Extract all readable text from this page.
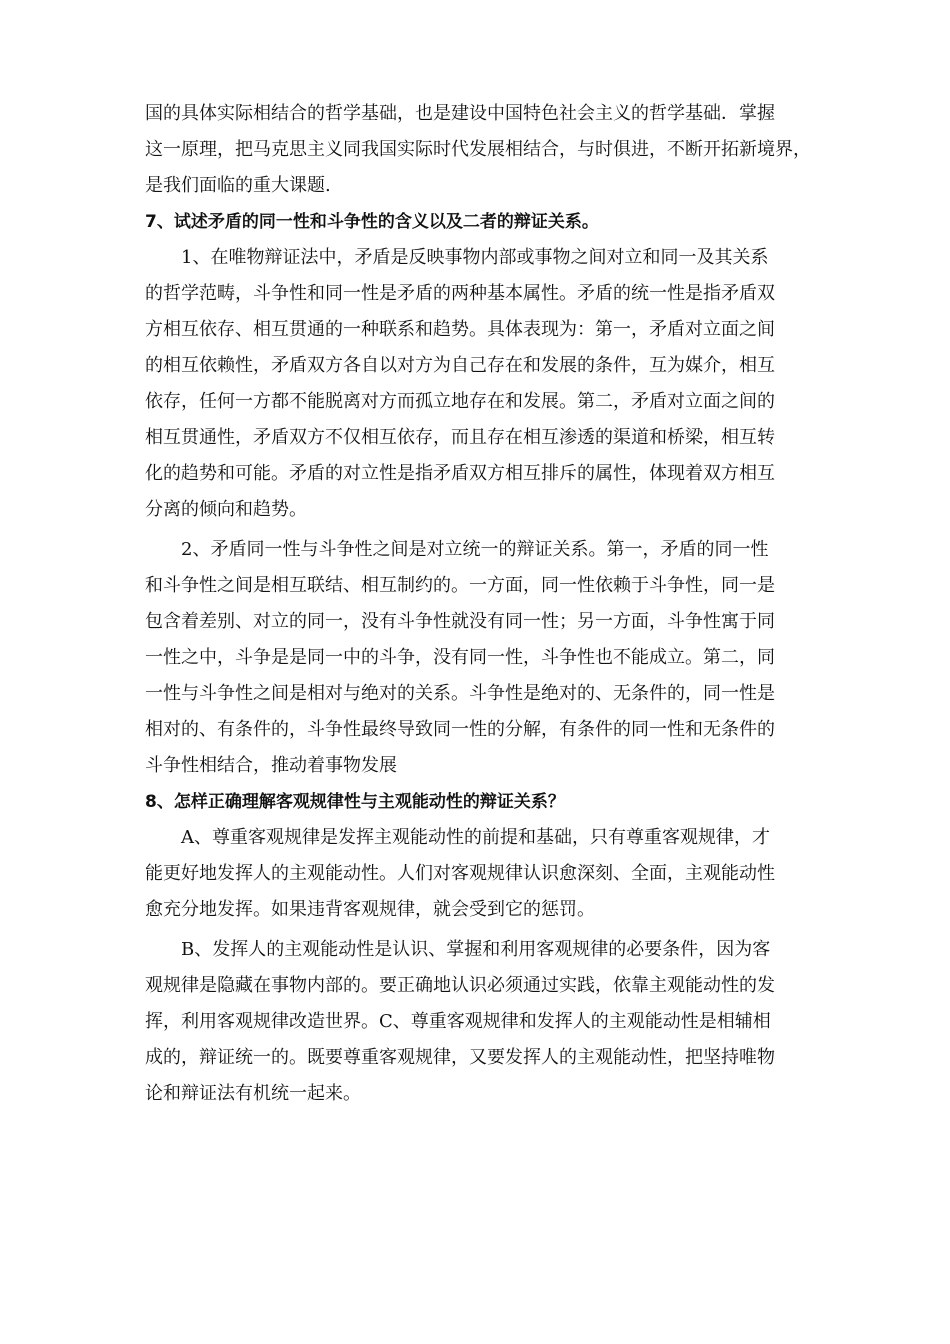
国的具体实际相结合的哲学基础，也是建设中国特色社会主义的哲学基础．掌握
这一原理，把马克思主义同我国实际时代发展相结合，与时俱进，不断开拓新境界，
是我们面临的重大课题.
7、试述矛盾的同一性和斗争性的含义以及二者的辩证关系。
1、在唯物辩证法中，矛盾是反映事物内部或事物之间对立和同一及其关系
的哲学范畴，斗争性和同一性是矛盾的两种基本属性。矛盾的统一性是指矛盾双
方相互依存、相互贯通的一种联系和趋势。具体表现为：第一，矛盾对立面之间
的相互依赖性，矛盾双方各自以对方为自己存在和发展的条件，互为媒介，相互
依存，任何一方都不能脱离对方而孤立地存在和发展。第二，矛盾对立面之间的
相互贯通性，矛盾双方不仅相互依存，而且存在相互渗透的渠道和桥梁，相互转
化的趋势和可能。矛盾的对立性是指矛盾双方相互排斥的属性，体现着双方相互
分离的倾向和趋势。
2、矛盾同一性与斗争性之间是对立统一的辩证关系。第一，矛盾的同一性
和斗争性之间是相互联结、相互制约的。一方面，同一性依赖于斗争性，同一是
包含着差别、对立的同一，没有斗争性就没有同一性；另一方面，斗争性寓于同
一性之中，斗争是是同一中的斗争，没有同一性，斗争性也不能成立。第二，同
一性与斗争性之间是相对与绝对的关系。斗争性是绝对的、无条件的，同一性是
相对的、有条件的，斗争性最终导致同一性的分解，有条件的同一性和无条件的
斗争性相结合，推动着事物发展
8、怎样正确理解客观规律性与主观能动性的辩证关系？
A、尊重客观规律是发挥主观能动性的前提和基础，只有尊重客观规律，才
能更好地发挥人的主观能动性。人们对客观规律认识愈深刻、全面，主观能动性
愈充分地发挥。如果违背客观规律，就会受到它的惩罚。
B、发挥人的主观能动性是认识、掌握和利用客观规律的必要条件，因为客
观规律是隐藏在事物内部的。要正确地认识必须通过实践，依靠主观能动性的发
挥，利用客观规律改造世界。C、尊重客观规律和发挥人的主观能动性是相辅相
成的，辩证统一的。既要尊重客观规律，又要发挥人的主观能动性，把坚持唯物
论和辩证法有机统一起来。
